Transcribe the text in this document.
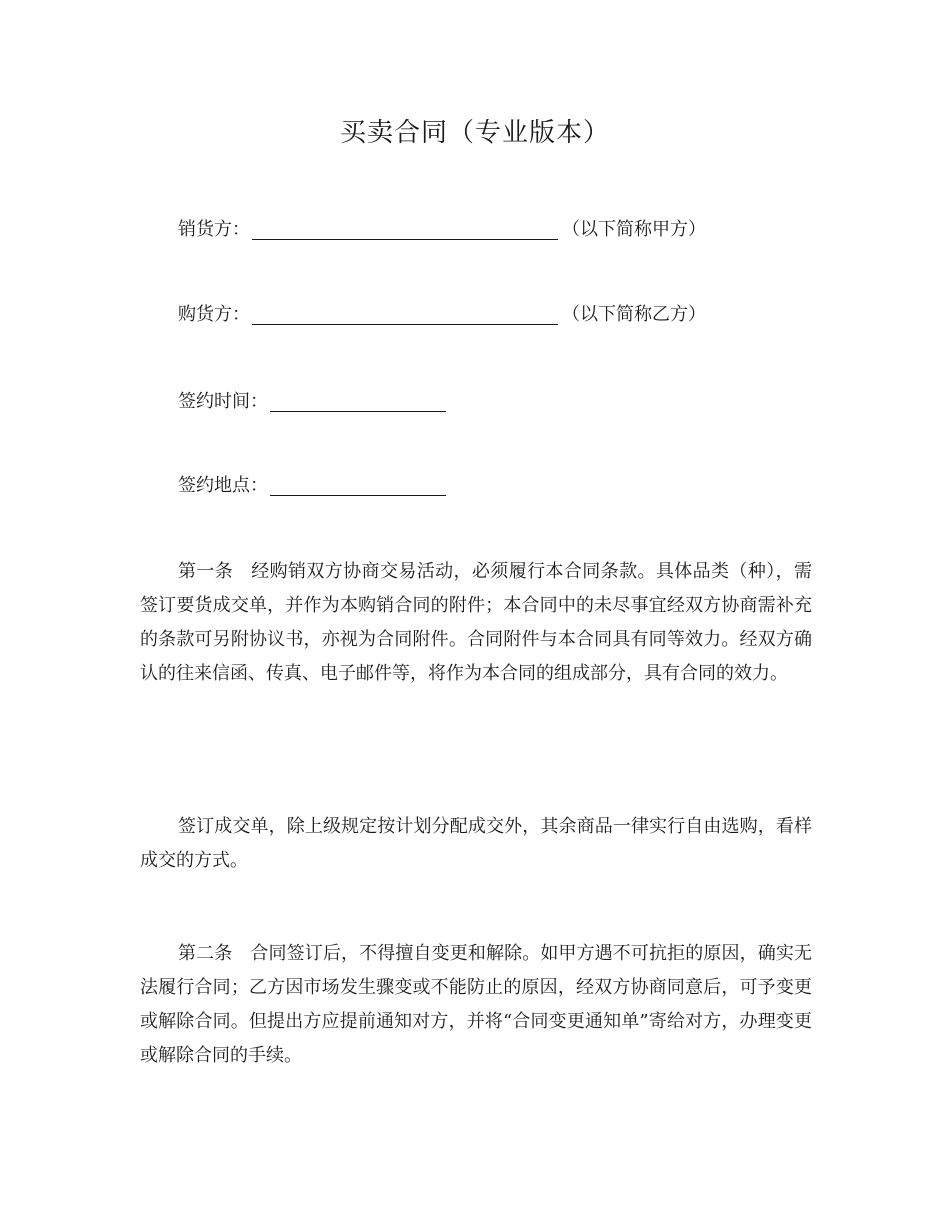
买卖合同（专业版本）
销货方：	（以下简称甲方）
购货方：	（以下简称乙方）
签约时间：
签约地点：

第一条 经购销双方协商交易活动，必须履行本合同条款。具体品类（种），需签订要货成交单，并作为本购销合同的附件；本合同中的未尽事宜经双方协商需补充的条款可另附协议书，亦视为合同附件。合同附件与本合同具有同等效力。经双方确认的往来信函、传真、电子邮件等，将作为本合同的组成部分，具有合同的效力。

签订成交单，除上级规定按计划分配成交外，其余商品一律实行自由选购，看样成交的方式。

第二条 合同签订后，不得擅自变更和解除。如甲方遇不可抗拒的原因，确实无法履行合同；乙方因市场发生骤变或不能防止的原因，经双方协商同意后，可予变更或解除合同。但提出方应提前通知对方，并将“合同变更通知单”寄给对方，办理变更或解除合同的手续。
